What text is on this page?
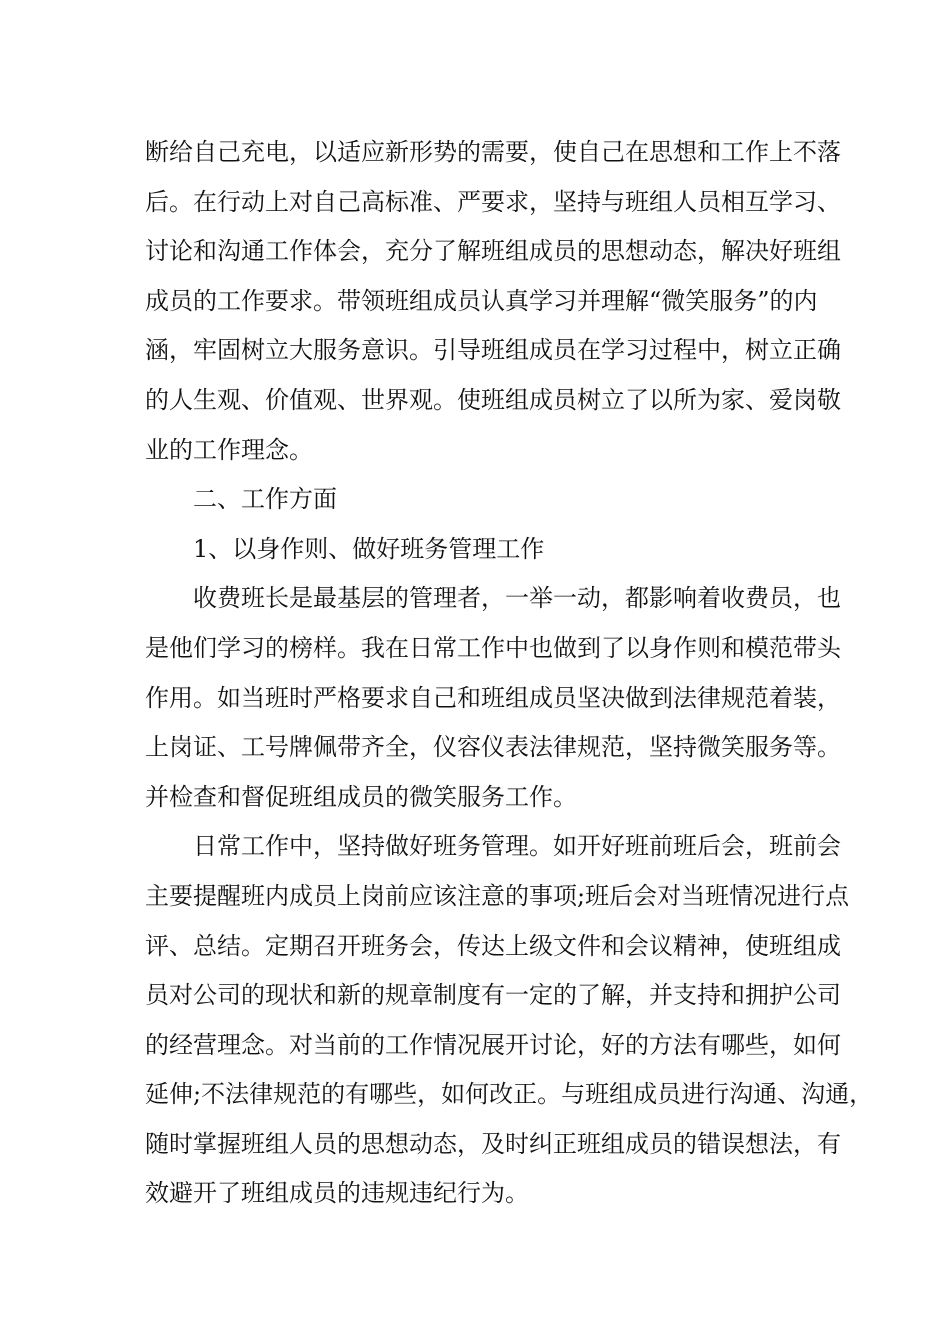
断给自己充电，以适应新形势的需要，使自己在思想和工作上不落
后。在行动上对自己高标准、严要求，坚持与班组人员相互学习、
讨论和沟通工作体会，充分了解班组成员的思想动态，解决好班组
成员的工作要求。带领班组成员认真学习并理解“微笑服务”的内
涵，牢固树立大服务意识。引导班组成员在学习过程中，树立正确
的人生观、价值观、世界观。使班组成员树立了以所为家、爱岗敬
业的工作理念。
二、工作方面
1、以身作则、做好班务管理工作
收费班长是最基层的管理者，一举一动，都影响着收费员，也
是他们学习的榜样。我在日常工作中也做到了以身作则和模范带头
作用。如当班时严格要求自己和班组成员坚决做到法律规范着装，
上岗证、工号牌佩带齐全，仪容仪表法律规范，坚持微笑服务等。
并检查和督促班组成员的微笑服务工作。
日常工作中，坚持做好班务管理。如开好班前班后会，班前会
主要提醒班内成员上岗前应该注意的事项;班后会对当班情况进行点
评、总结。定期召开班务会，传达上级文件和会议精神，使班组成
员对公司的现状和新的规章制度有一定的了解，并支持和拥护公司
的经营理念。对当前的工作情况展开讨论，好的方法有哪些，如何
延伸;不法律规范的有哪些，如何改正。与班组成员进行沟通、沟通，
随时掌握班组人员的思想动态，及时纠正班组成员的错误想法，有
效避开了班组成员的违规违纪行为。
